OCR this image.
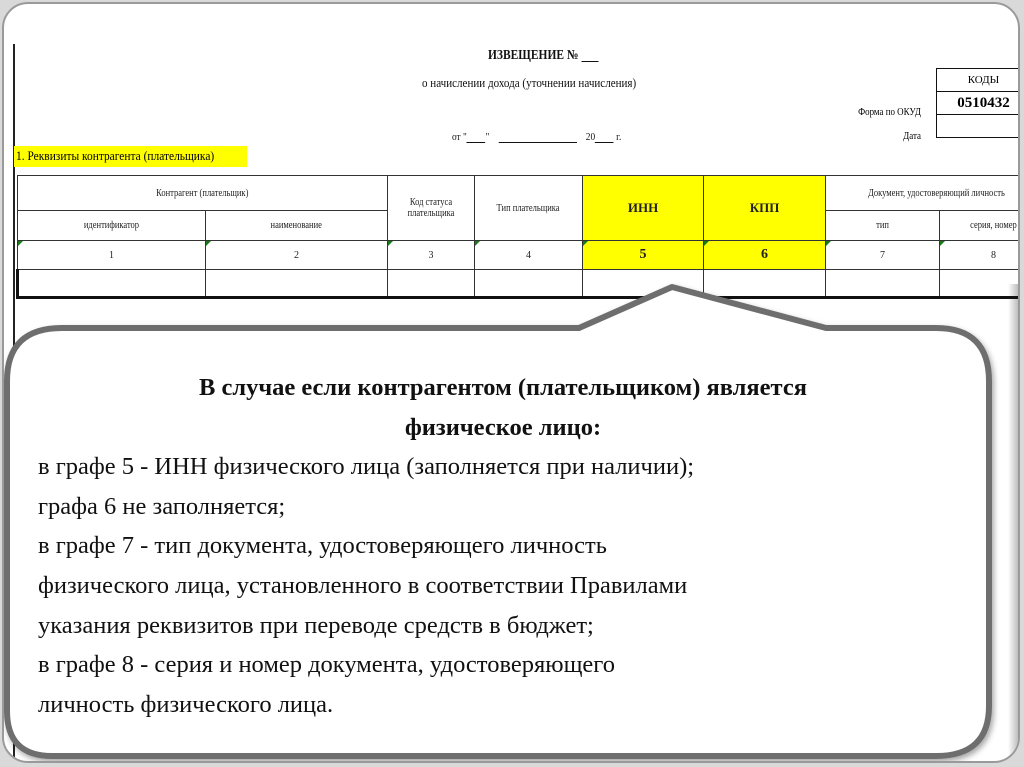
ИЗВЕЩЕНИЕ №
о начислении дохода (уточнении начисления)
от " "	20 г.
КОДЫ
0510432

Форма по ОКУД
Дата
1. Реквизиты контрагента (плательщика)
Контрагент (плательщик)		Код статуса плательщика	Тип плательщика	ИНН	КПП	Документ, удостоверяющий личность	
идентификатор	наименование					тип	серия, номер
1	2	3	4	5	6	7	8

В случае если контрагентом (плательщиком) является
физическое лицо:
в графе 5 - ИНН физического лица (заполняется при наличии);
графа 6 не заполняется;
в графе 7 - тип документа, удостоверяющего личность
физического лица, установленного в соответствии Правилами
указания реквизитов при переводе средств в бюджет;
в графе 8 - серия и номер документа, удостоверяющего
личность физического лица.
